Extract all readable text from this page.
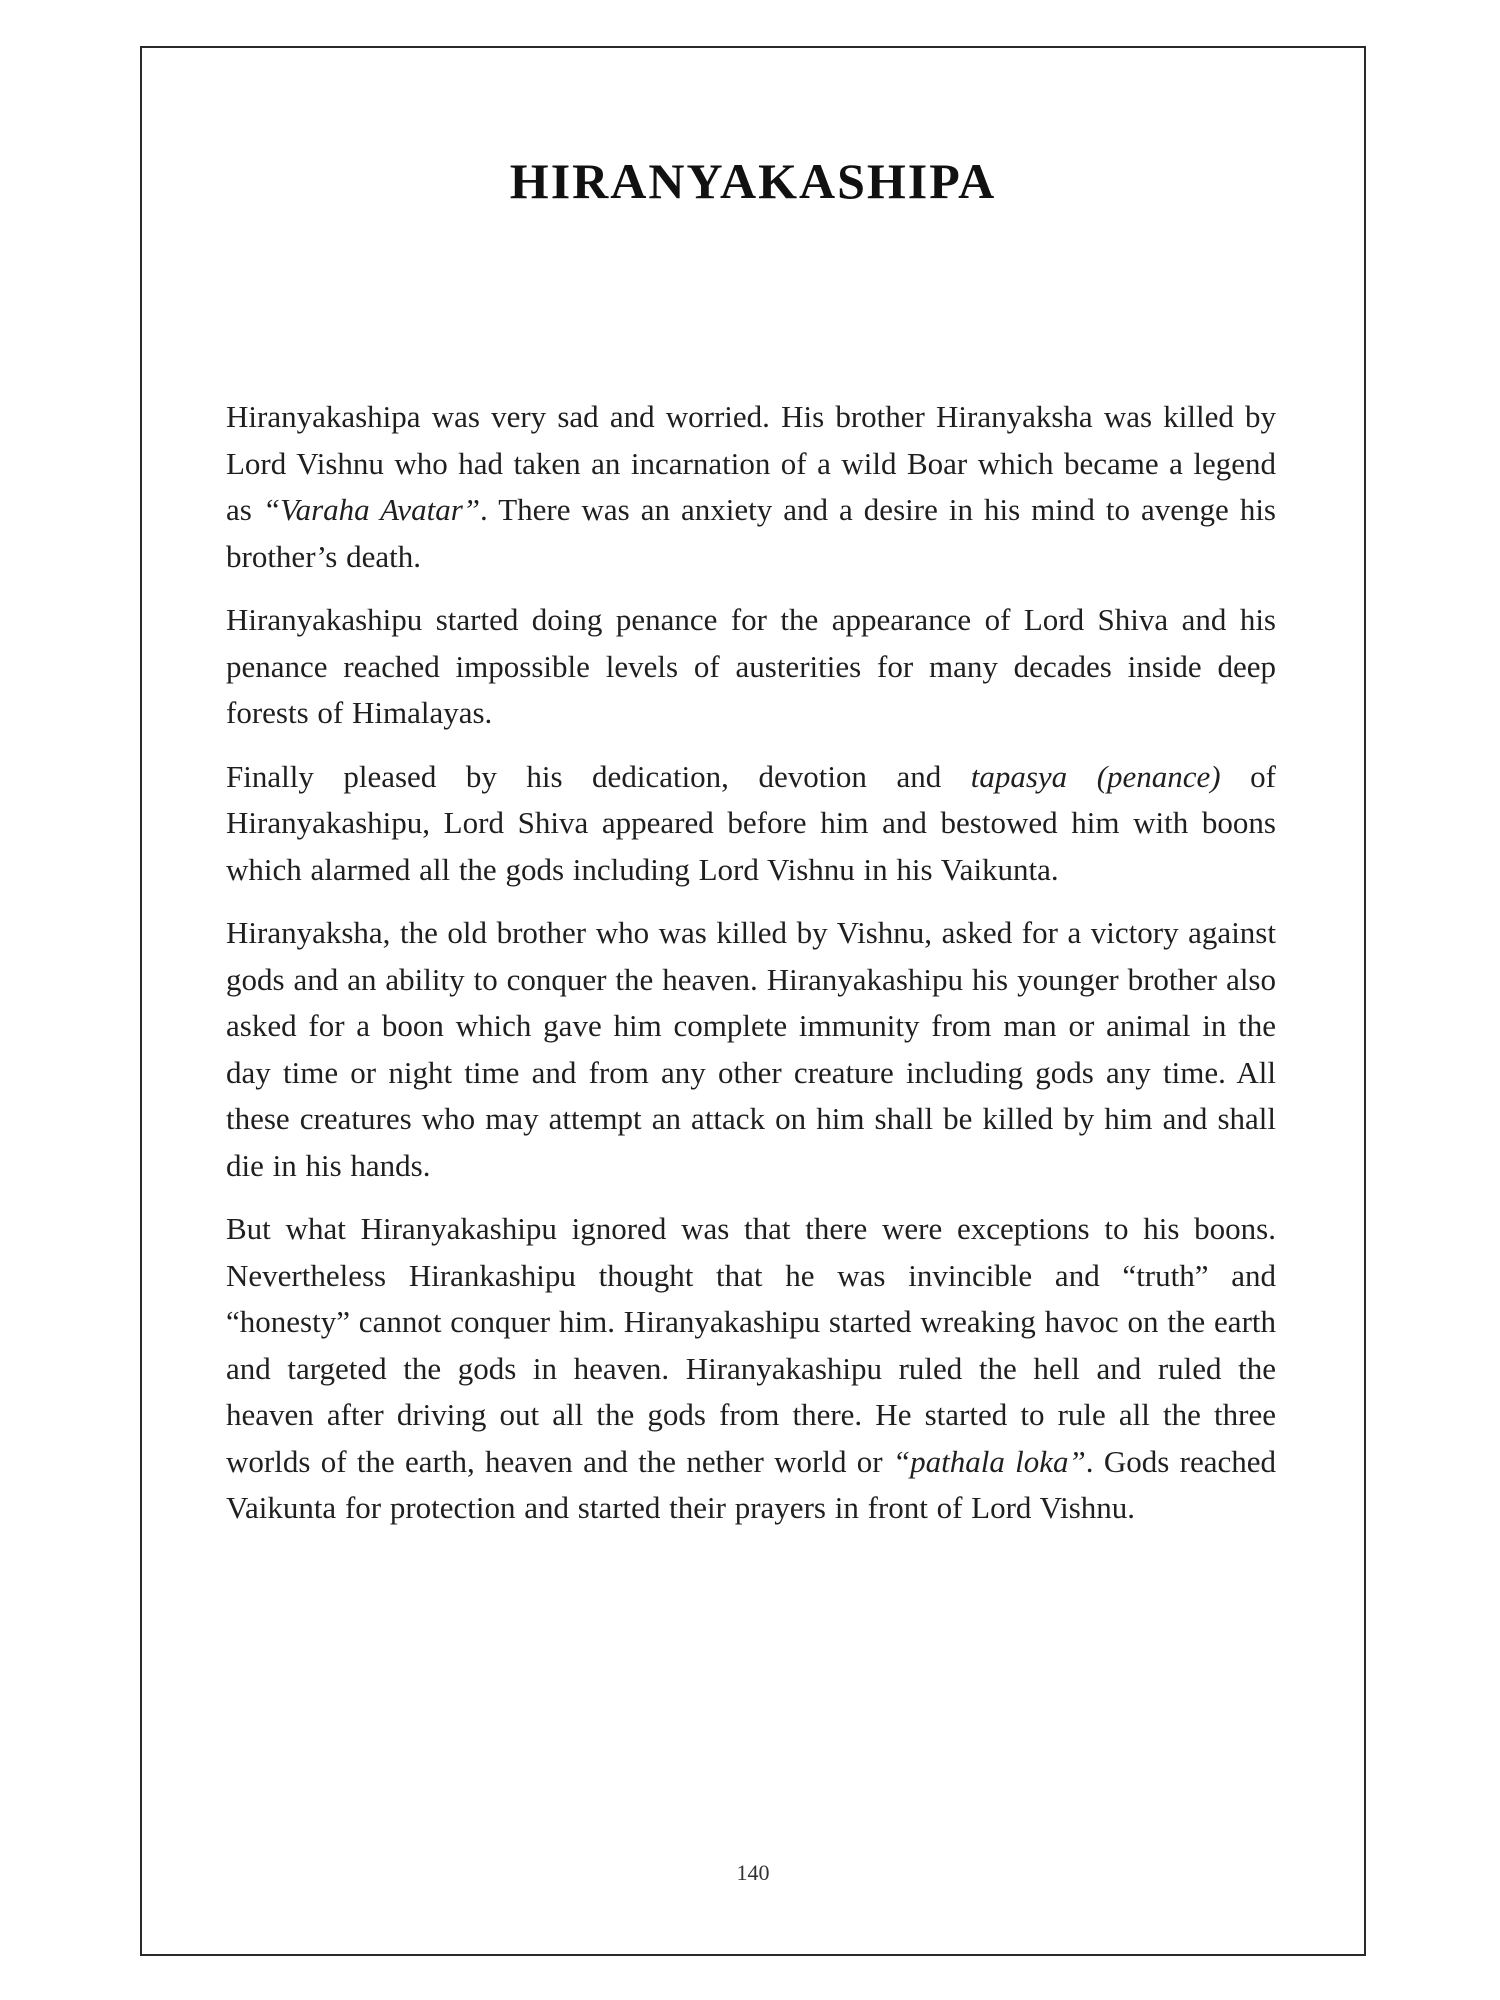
HIRANYAKASHIPA

Hiranyakashipa was very sad and worried. His brother Hiranyaksha was killed by Lord Vishnu who had taken an incarnation of a wild Boar which became a legend as “Varaha Avatar”. There was an anxiety and a desire in his mind to avenge his brother’s death.

Hiranyakashipu started doing penance for the appearance of Lord Shiva and his penance reached impossible levels of austerities for many decades inside deep forests of Himalayas.

Finally pleased by his dedication, devotion and tapasya (penance) of Hiranyakashipu, Lord Shiva appeared before him and bestowed him with boons which alarmed all the gods including Lord Vishnu in his Vaikunta.

Hiranyaksha, the old brother who was killed by Vishnu, asked for a victory against gods and an ability to conquer the heaven. Hiranyakashipu his younger brother also asked for a boon which gave him complete immunity from man or animal in the day time or night time and from any other creature including gods any time. All these creatures who may attempt an attack on him shall be killed by him and shall die in his hands.

But what Hiranyakashipu ignored was that there were exceptions to his boons. Nevertheless Hirankashipu thought that he was invincible and “truth” and “honesty” cannot conquer him. Hiranyakashipu started wreaking havoc on the earth and targeted the gods in heaven. Hiranyakashipu ruled the hell and ruled the heaven after driving out all the gods from there. He started to rule all the three worlds of the earth, heaven and the nether world or “pathala loka”. Gods reached Vaikunta for protection and started their prayers in front of Lord Vishnu.

140
